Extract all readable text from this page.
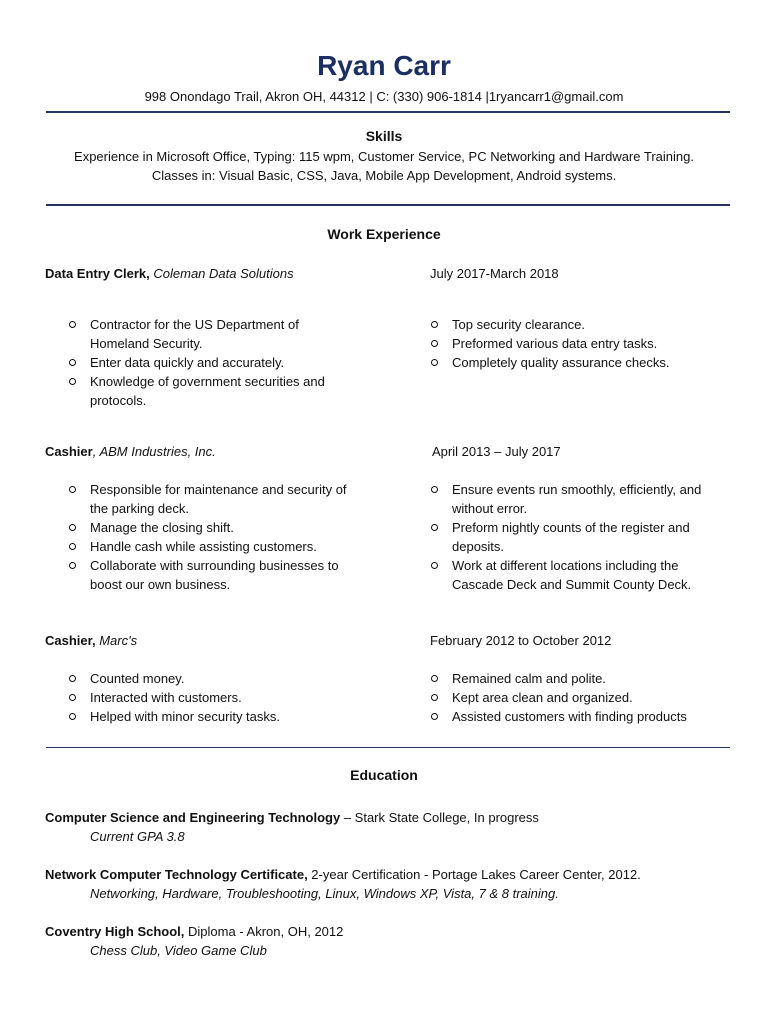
Ryan Carr
998 Onondago Trail, Akron OH, 44312 | C: (330) 906-1814 |1ryancarr1@gmail.com
Skills
Experience in Microsoft Office, Typing: 115 wpm, Customer Service, PC Networking and Hardware Training.
Classes in: Visual Basic, CSS, Java, Mobile App Development, Android systems.
Work Experience
Data Entry Clerk, Coleman Data Solutions	July 2017-March 2018
Contractor for the US Department of Homeland Security.
Enter data quickly and accurately.
Knowledge of government securities and protocols.
Top security clearance.
Preformed various data entry tasks.
Completely quality assurance checks.
Cashier, ABM Industries, Inc.	April 2013 – July 2017
Responsible for maintenance and security of the parking deck.
Manage the closing shift.
Handle cash while assisting customers.
Collaborate with surrounding businesses to boost our own business.
Ensure events run smoothly, efficiently, and without error.
Preform nightly counts of the register and deposits.
Work at different locations including the Cascade Deck and Summit County Deck.
Cashier, Marc's	February 2012 to October 2012
Counted money.
Interacted with customers.
Helped with minor security tasks.
Remained calm and polite.
Kept area clean and organized.
Assisted customers with finding products
Education
Computer Science and Engineering Technology – Stark State College, In progress
Current GPA 3.8
Network Computer Technology Certificate, 2-year Certification - Portage Lakes Career Center, 2012.
Networking, Hardware, Troubleshooting, Linux, Windows XP, Vista, 7 & 8 training.
Coventry High School, Diploma - Akron, OH, 2012
Chess Club, Video Game Club
